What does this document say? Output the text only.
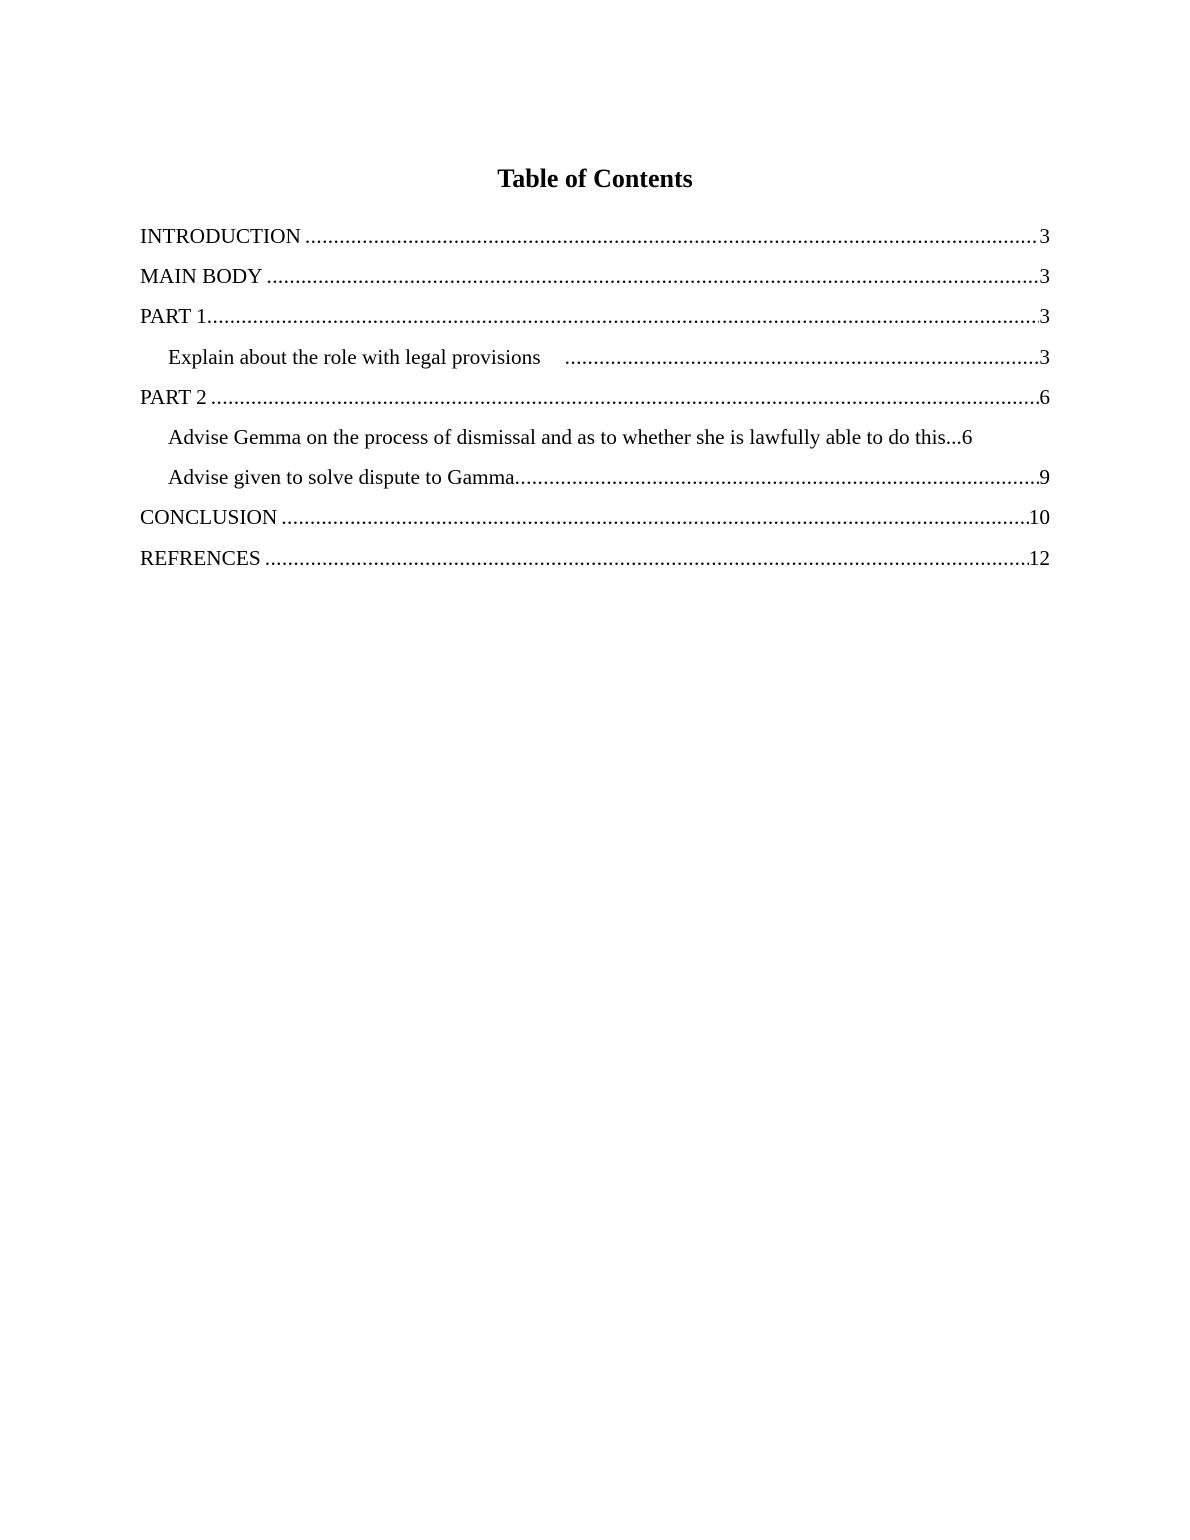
Table of Contents
INTRODUCTION .....	3
MAIN BODY .....	3
PART 1 .....	3
Explain about the role with legal provisions .....	3
PART 2 .....	6
Advise Gemma on the process of dismissal and as to whether she is lawfully able to do this ... 6
Advise given to solve dispute to Gamma .....	9
CONCLUSION .....	10
REFRENCES .....	12
